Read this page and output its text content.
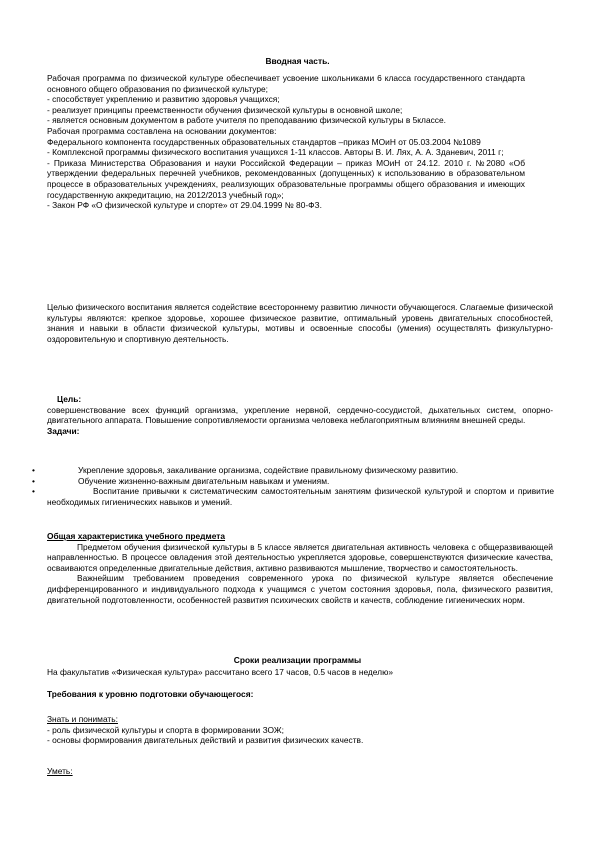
Вводная часть.

Рабочая программа по физической культуре обеспечивает усвоение школьниками 6 класса государственного стандарта основного общего образования по физической культуре;

- способствует укреплению и развитию здоровья учащихся;

- реализует принципы преемственности обучения физической культуры в основной школе;

- является основным документом в работе учителя по преподаванию физической культуры в 5классе.

Рабочая программа составлена на основании документов:

Федерального компонента государственных образовательных стандартов –приказ МОиН от 05.03.2004 №1089

- Комплексной программы физического воспитания учащихся 1-11 классов. Авторы В. И. Лях, А. А. Зданевич, 2011 г;

- Приказа Министерства Образования и науки Российской Федерации – приказ МОиН от 24.12. 2010 г. №2080 «Об утверждении федеральных перечней учебников, рекомендованных (допущенных) к использованию в образовательном процессе в образовательных учреждениях, реализующих образовательные программы общего образования и имеющих государственную аккредитацию, на 2012/2013 учебный год»;

- Закон РФ «О физической культуре и спорте» от 29.04.1999 № 80-ФЗ.

Целью физического воспитания является содействие всестороннему развитию личности обучающегося. Слагаемые физической культуры являются: крепкое здоровье, хорошее физическое развитие, оптимальный уровень двигательных способностей, знания и навыки в области физической культуры, мотивы и освоенные способы (умения) осуществлять физкультурно-оздоровительную и спортивную деятельность.

Цель:

совершенствование всех функций организма, укрепление нервной, сердечно-сосудистой, дыхательных систем, опорно-двигательного аппарата. Повышение сопротивляемости организма человека неблагоприятным влияниям внешней среды.

Задачи:

•	Укрепление здоровья, закаливание организма, содействие правильному физическому развитию.
•	Обучение жизненно-важным двигательным навыкам и умениям.
•	Воспитание привычки к систематическим самостоятельным занятиям физической культурой и спортом и привитие необходимых гигиенических навыков и умений.

Общая характеристика учебного предмета

Предметом обучения физической культуры в 5 классе является двигательная активность человека с общеразвивающей направленностью. В процессе овладения этой деятельностью укрепляется здоровье, совершенствуются физические качества, осваиваются определенные двигательные действия, активно развиваются мышление, творчество и самостоятельность.

Важнейшим требованием проведения современного урока по физической культуре является обеспечение дифференцированного и индивидуального подхода к учащимся с учетом состояния здоровья, пола, физического развития, двигательной подготовленности, особенностей развития психических свойств и качеств, соблюдение гигиенических норм.

Сроки реализации программы
На факультатив «Физическая культура» рассчитано всего 17 часов, 0.5 часов в неделю»
Требования к уровню подготовки обучающегося:

Знать и понимать:

- роль физической культуры и спорта в формировании ЗОЖ;

- основы формирования двигательных действий и развития физических качеств.

Уметь:
